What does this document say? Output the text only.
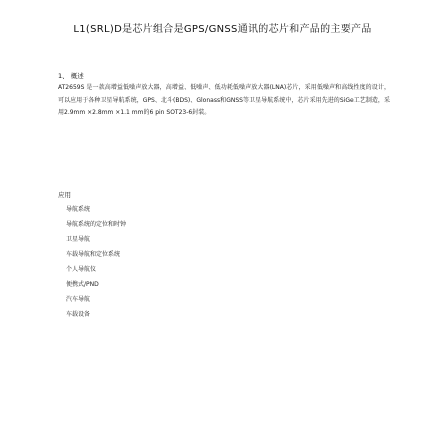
L1(SRL)D是芯片组合是GPS/GNSS通讯的芯片和产品的主要产品
1、 概述
AT2659S 是一款高增益低噪声放大器，高增益、低噪声、低功耗低噪声放大器(LNA)芯片，采用低噪声和高线性度的设计，可以应用于各种卫星导航系统，GPS、北斗(BDS)、Glonass和GNSS等卫星导航系统中，芯片采用先进的SiGe工艺制造，采用2.9mm ×2.8mm ×1.1 mm的6 pin SOT23-6封装。
应用
导航系统
导航系统的定位和时钟
卫星导航
车载导航和定位系统
个人导航仪
便携式/PND
汽车导航
车载设备
